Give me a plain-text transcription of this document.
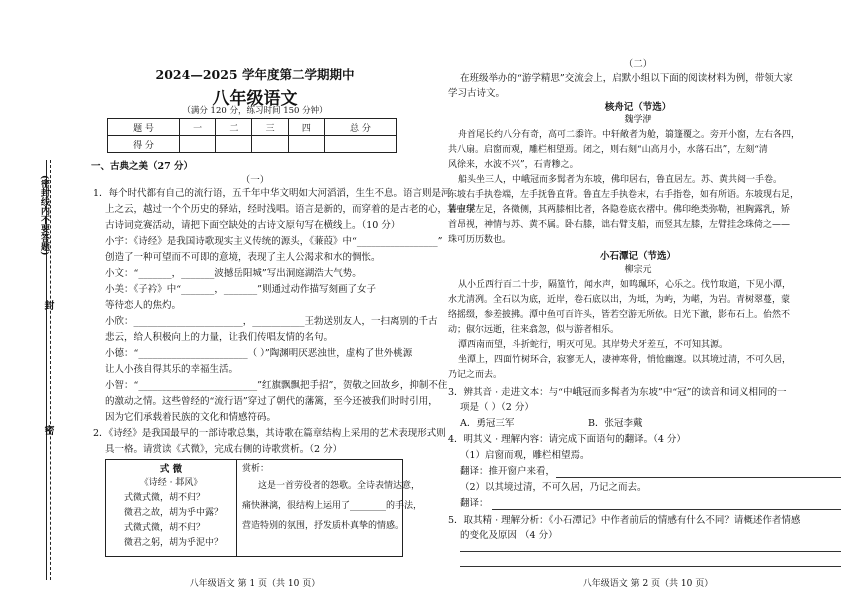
(密封线内不要答题)
封
密
2024—2025 学年度第二学期期中
八年级语文
（满分 120 分，练习时间 150 分钟）
题 号	一	二	三	四	总 分
得 分					
一、古典之美（27 分）
（一）
1．每个时代都有自己的流行语，五千年中华文明如大河滔滔，生生不息。语言则是河
上之云，越过一个个历史的驿站，经时浅唱。语言是新的，而穿着的是古老的心，某中学
古诗词竞赛活动，请把下面空缺处的古诗文原句写在横线上。（10 分）
小宇：《诗经》是我国诗歌现实主义传统的源头，《蒹葭》中“_________________”
创造了一种可望而不可即的意境，表现了主人公渴求和水的惆怅。
小文：“_______，_______波撼岳阳城”写出洞庭湖浩大气势。
小美：《子衿》中“_______，_______”则通过动作描写刻画了女子
等待恋人的焦灼。
小欣：_______________________，___________王勃送别友人，一扫离别的千古
悲云，给人积极向上的力量，让我们传唱友情的名句。
小德：“_______________________（ ）”陶渊明厌恶浊世，虚构了世外桃源
让人小孩自得其乐的幸福生活。
小智：“_________________________”红旗飘飘把手招”，贺敬之回故乡，抑制不住
的激动之情。这些曾经的“流行语”穿过了朝代的藩篱，至今还被我们时时引用，
因为它们承载着民族的文化和情感符码。
2．《诗经》是我国最早的一部诗歌总集，其诗歌在篇章结构上采用的艺术表现形式则
具一格。请赏读《式微》，完成右侧的诗歌赏析。（2 分）
式 微
《诗经 · 邶风》
式微式微，胡不归？
微君之故，胡为乎中露？
式微式微，胡不归？
微君之躬，胡为乎泥中？
赏析：
这是一首劳役者的怨歌。全诗表情达意，
痛快淋漓，很结构上运用了________的手法，
营造特别的氛围，抒发质朴真挚的情感。
八年级语文 第 1 页（共 10 页）
（二）
在班级举办的“游学精思”交流会上，启默小组以下面的阅读材料为例，带领大家
学习古诗文。
核舟记（节选）
魏学洢
舟首尾长约八分有奇，高可二黍许。中轩敞者为舱，篛篷覆之。旁开小窗，左右各四，
共八扇。启窗而观，雕栏相望焉。闭之，则右刻“山高月小，水落石出”，左刻“清
风徐来，水波不兴”，石青糁之。
船头坐三人，中峨冠而多髯者为东坡，佛印居右，鲁直居左。苏、黄共阅一手卷。
东坡右手执卷端，左手抚鲁直背。鲁直左手执卷末，右手指卷，如有所语。东坡现右足，
鲁直现左足，各微侧，其两膝相比者，各隐卷底衣褶中。佛印绝类弥勒，袒胸露乳，矫
首昂视，神情与苏、黄不属。卧右膝，诎右臂支船，而竖其左膝，左臂挂念珠倚之——
珠可历历数也。
小石潭记（节选）
柳宗元
从小丘西行百二十步，隔篁竹，闻水声，如鸣珮环，心乐之。伐竹取道，下见小潭，
水尤清冽。全石以为底，近岸，卷石底以出，为坻，为屿，为嵁，为岩。青树翠蔓，蒙
络摇缀，参差披拂。潭中鱼可百许头，皆若空游无所依。日光下澈，影布石上。佁然不
动；俶尔远逝，往来翕忽，似与游者相乐。
潭西南而望，斗折蛇行，明灭可见。其岸势犬牙差互，不可知其源。
坐潭上，四面竹树环合，寂寥无人，凄神寒骨，悄怆幽邃。以其境过清，不可久居，
乃记之而去。
3．辨其音 · 走进文本：与“中峨冠而多髯者为东坡”中“冠”的读音和词义相同的一
项是（ ）（2 分）
A．勇冠三军	B．张冠李戴
4．明其义 · 理解内容：请完成下面语句的翻译。（4 分）
（1）启窗而观，雕栏相望焉。
翻译：推开窗户来看，
（2）以其境过清，不可久居，乃记之而去。
翻译：
5．取其精 · 理解分析：《小石潭记》中作者前后的情感有什么不同？请概述作者情感
的变化及原因 （4 分）
八年级语文 第 2 页（共 10 页）
